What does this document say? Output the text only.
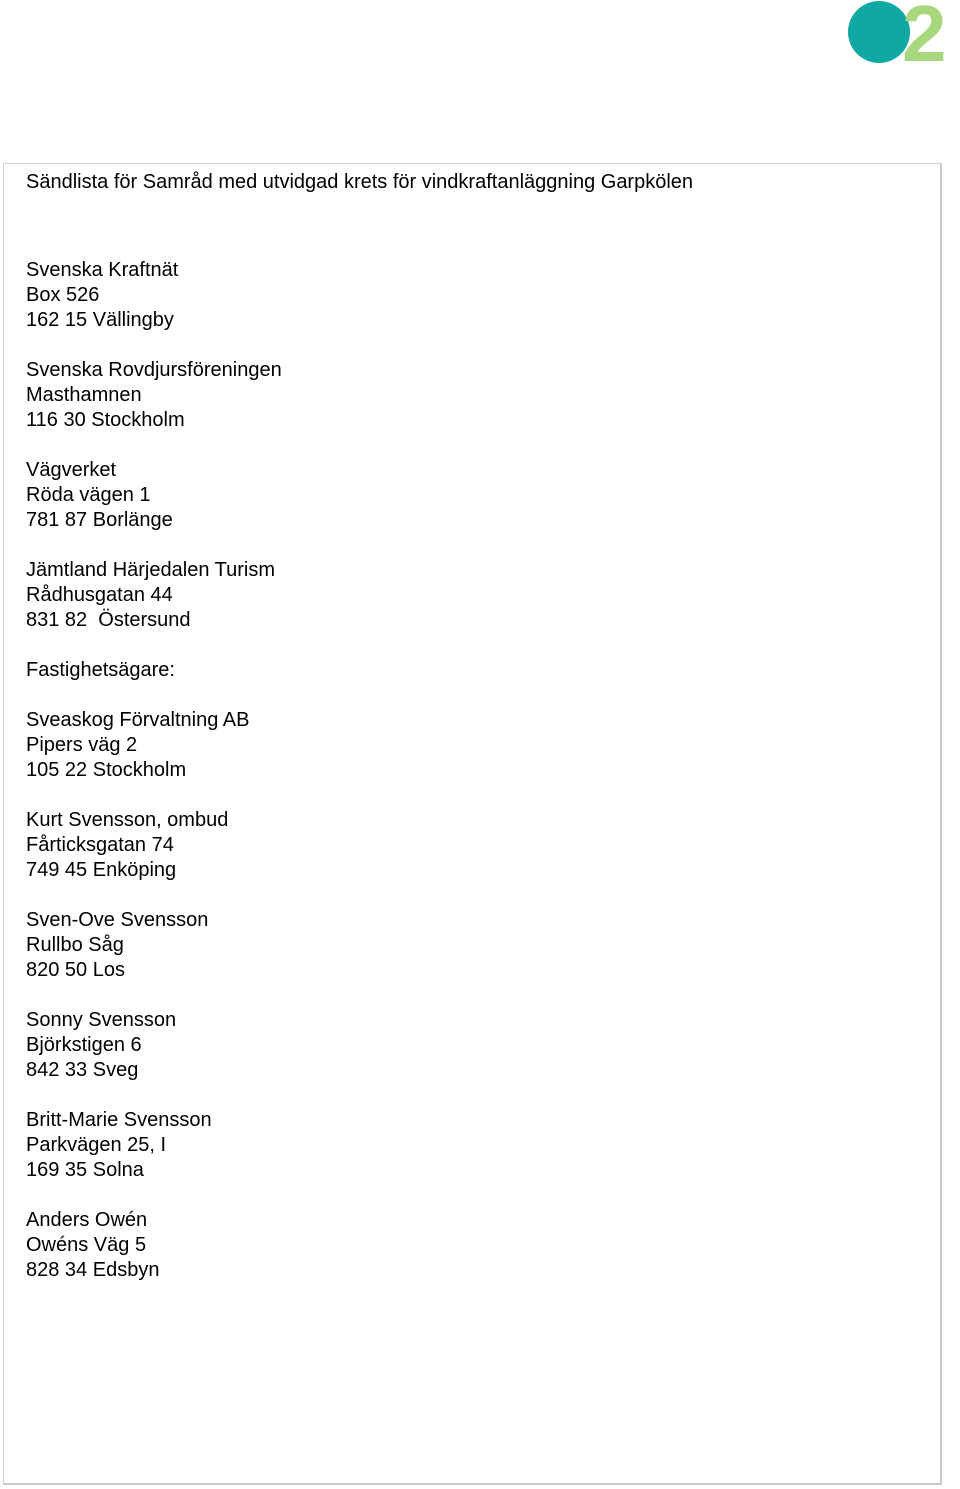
2
Sändlista för Samråd med utvidgad krets för vindkraftanläggning Garpkölen
Svenska Kraftnät
Box 526
162 15 Vällingby
Svenska Rovdjursföreningen
Masthamnen
116 30 Stockholm
Vägverket
Röda vägen 1
781 87 Borlänge
Jämtland Härjedalen Turism
Rådhusgatan 44
831 82  Östersund
Fastighetsägare:
Sveaskog Förvaltning AB
Pipers väg 2
105 22 Stockholm
Kurt Svensson, ombud
Fårticksgatan 74
749 45 Enköping
Sven-Ove Svensson
Rullbo Såg
820 50 Los
Sonny Svensson
Björkstigen 6
842 33 Sveg
Britt-Marie Svensson
Parkvägen 25, I
169 35 Solna
Anders Owén
Owéns Väg 5
828 34 Edsbyn
